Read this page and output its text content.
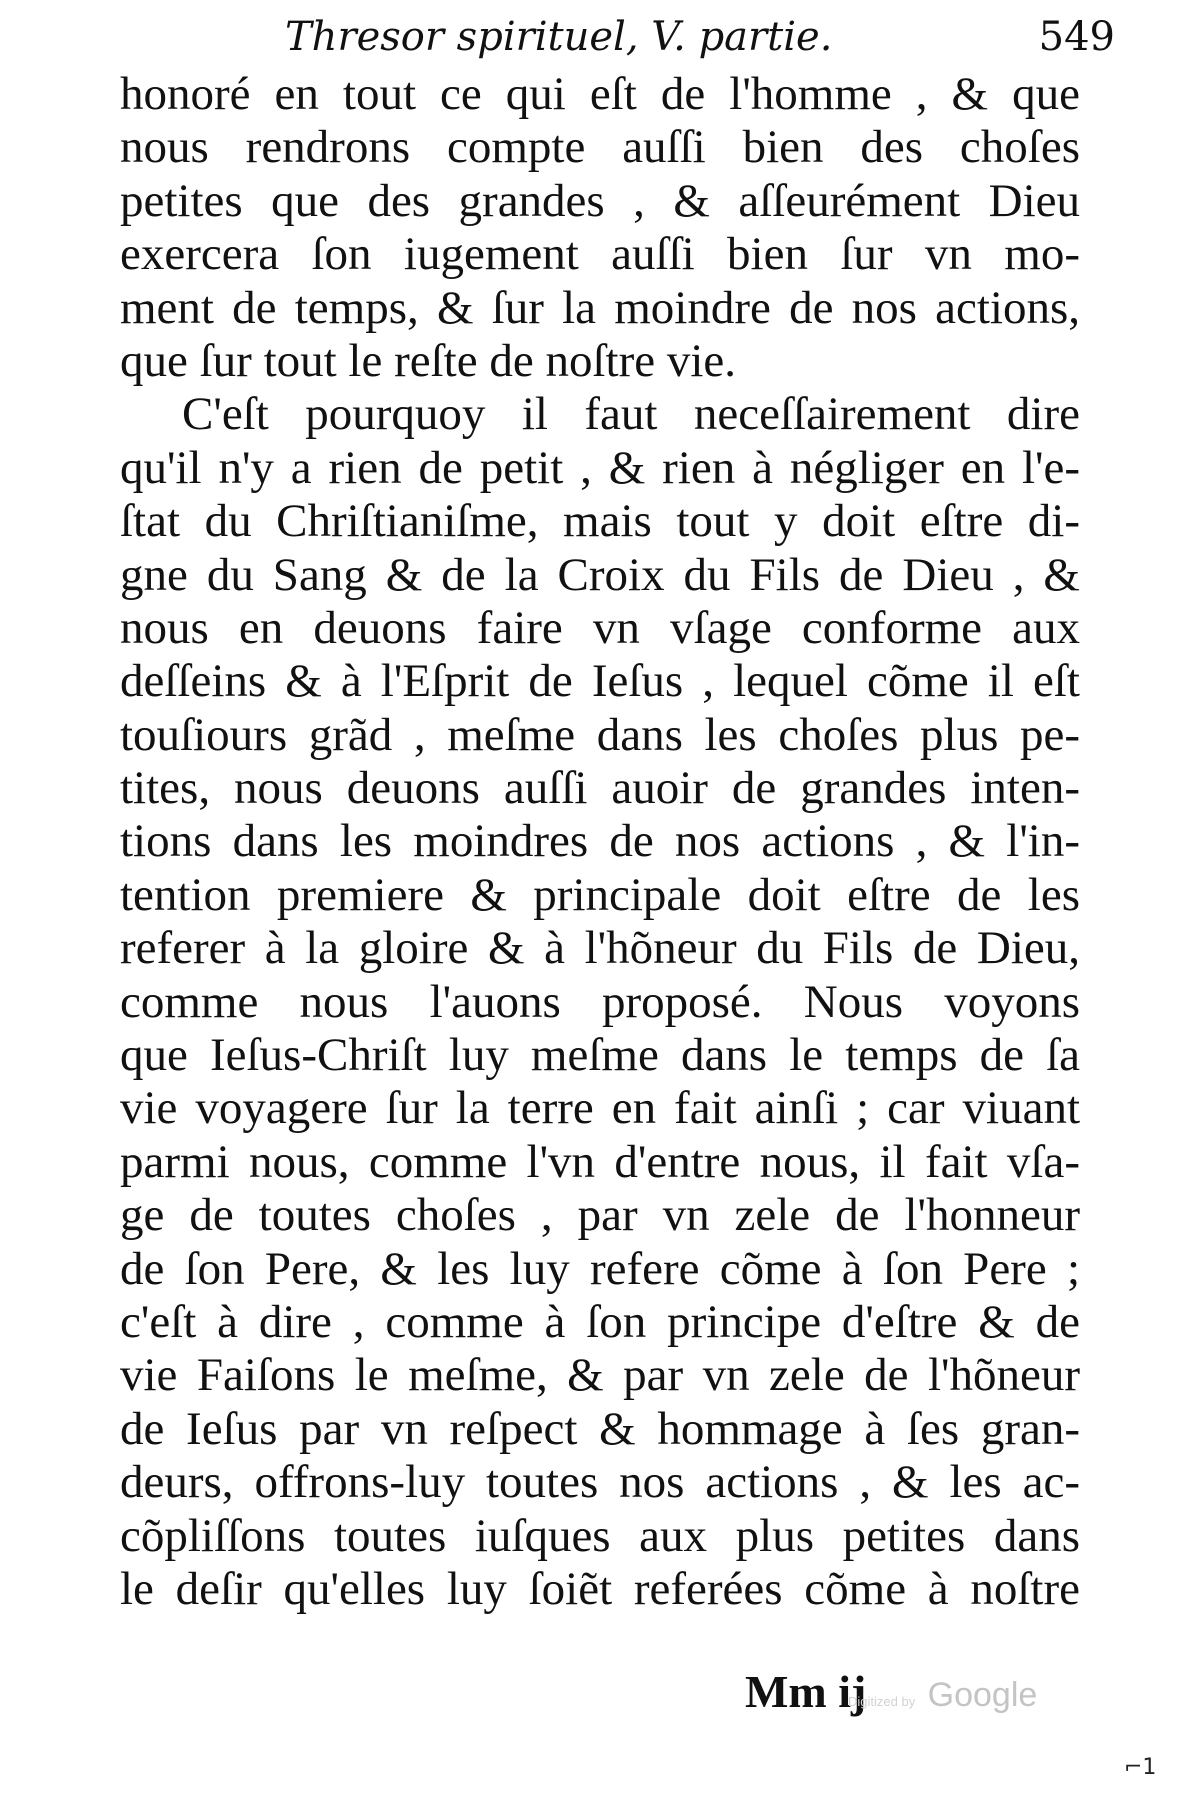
Thresor spirituel, V. partie.	549
honoré en tout ce qui eſt de l'homme , & que
nous rendrons compte auſſi bien des choſes
petites que des grandes , & aſſeurément Dieu
exercera ſon iugement auſſi bien ſur vn mo-
ment de temps, & ſur la moindre de nos actions,
que ſur tout le reſte de noſtre vie.
C'eſt pourquoy il faut neceſſairement dire
qu'il n'y a rien de petit , & rien à négliger en l'e-
ſtat du Chriſtianiſme, mais tout y doit eſtre di-
gne du Sang & de la Croix du Fils de Dieu , &
nous en deuons faire vn vſage conforme aux
deſſeins & à l'Eſprit de Ieſus , lequel cõme il eſt
touſiours grãd , meſme dans les choſes plus pe-
tites, nous deuons auſſi auoir de grandes inten-
tions dans les moindres de nos actions , & l'in-
tention premiere & principale doit eſtre de les
referer à la gloire & à l'hõneur du Fils de Dieu,
comme nous l'auons proposé. Nous voyons
que Ieſus-Chriſt luy meſme dans le temps de ſa
vie voyagere ſur la terre en fait ainſi ; car viuant
parmi nous, comme l'vn d'entre nous, il fait vſa-
ge de toutes choſes , par vn zele de l'honneur
de ſon Pere, & les luy refere cõme à ſon Pere ;
c'eſt à dire , comme à ſon principe d'eſtre & de
vie Faiſons le meſme, & par vn zele de l'hõneur
de Ieſus par vn reſpect & hommage à ſes gran-
deurs, offrons-luy toutes nos actions , & les ac-
cõpliſſons toutes iuſques aux plus petites dans
le deſir qu'elles luy ſoiẽt referées cõme à noſtre
Mm ij
Digitized by Google
⌐1
